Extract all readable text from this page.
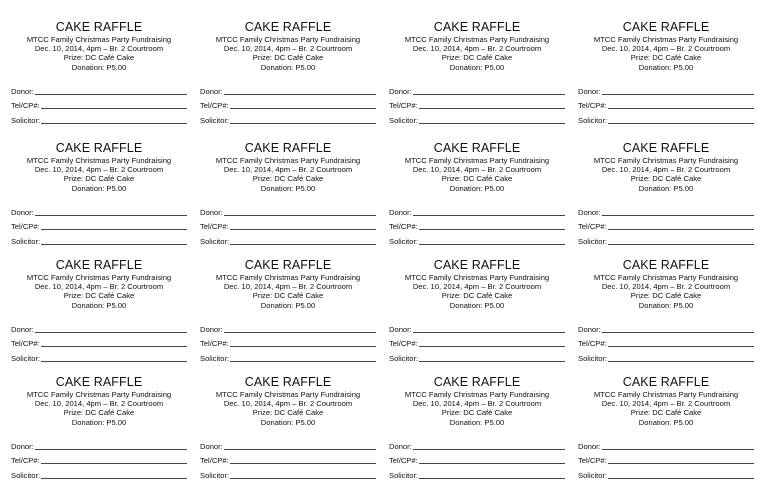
CAKE RAFFLE
MTCC Family Christmas Party Fundraising
Dec. 10, 2014, 4pm – Br. 2 Courtroom
Prize: DC Café Cake
Donation: P5.00
Donor:
Tel/CP#:
Solicitor:
CAKE RAFFLE
MTCC Family Christmas Party Fundraising
Dec. 10, 2014, 4pm – Br. 2 Courtroom
Prize: DC Café Cake
Donation: P5.00
Donor:
Tel/CP#:
Solicitor:
CAKE RAFFLE
MTCC Family Christmas Party Fundraising
Dec. 10, 2014, 4pm – Br. 2 Courtroom
Prize: DC Café Cake
Donation: P5.00
Donor:
Tel/CP#:
Solicitor:
CAKE RAFFLE
MTCC Family Christmas Party Fundraising
Dec. 10, 2014, 4pm – Br. 2 Courtroom
Prize: DC Café Cake
Donation: P5.00
Donor:
Tel/CP#:
Solicitor:
CAKE RAFFLE
MTCC Family Christmas Party Fundraising
Dec. 10, 2014, 4pm – Br. 2 Courtroom
Prize: DC Café Cake
Donation: P5.00
Donor:
Tel/CP#:
Solicitor:
CAKE RAFFLE
MTCC Family Christmas Party Fundraising
Dec. 10, 2014, 4pm – Br. 2 Courtroom
Prize: DC Café Cake
Donation: P5.00
Donor:
Tel/CP#:
Solicitor:
CAKE RAFFLE
MTCC Family Christmas Party Fundraising
Dec. 10, 2014, 4pm – Br. 2 Courtroom
Prize: DC Café Cake
Donation: P5.00
Donor:
Tel/CP#:
Solicitor:
CAKE RAFFLE
MTCC Family Christmas Party Fundraising
Dec. 10, 2014, 4pm – Br. 2 Courtroom
Prize: DC Café Cake
Donation: P5.00
Donor:
Tel/CP#:
Solicitor:
CAKE RAFFLE
MTCC Family Christmas Party Fundraising
Dec. 10, 2014, 4pm – Br. 2 Courtroom
Prize: DC Café Cake
Donation: P5.00
Donor:
Tel/CP#:
Solicitor:
CAKE RAFFLE
MTCC Family Christmas Party Fundraising
Dec. 10, 2014, 4pm – Br. 2 Courtroom
Prize: DC Café Cake
Donation: P5.00
Donor:
Tel/CP#:
Solicitor:
CAKE RAFFLE
MTCC Family Christmas Party Fundraising
Dec. 10, 2014, 4pm – Br. 2 Courtroom
Prize: DC Café Cake
Donation: P5.00
Donor:
Tel/CP#:
Solicitor:
CAKE RAFFLE
MTCC Family Christmas Party Fundraising
Dec. 10, 2014, 4pm – Br. 2 Courtroom
Prize: DC Café Cake
Donation: P5.00
Donor:
Tel/CP#:
Solicitor:
CAKE RAFFLE
MTCC Family Christmas Party Fundraising
Dec. 10, 2014, 4pm – Br. 2 Courtroom
Prize: DC Café Cake
Donation: P5.00
Donor:
Tel/CP#:
Solicitor:
CAKE RAFFLE
MTCC Family Christmas Party Fundraising
Dec. 10, 2014, 4pm – Br. 2 Courtroom
Prize: DC Café Cake
Donation: P5.00
Donor:
Tel/CP#:
Solicitor:
CAKE RAFFLE
MTCC Family Christmas Party Fundraising
Dec. 10, 2014, 4pm – Br. 2 Courtroom
Prize: DC Café Cake
Donation: P5.00
Donor:
Tel/CP#:
Solicitor:
CAKE RAFFLE
MTCC Family Christmas Party Fundraising
Dec. 10, 2014, 4pm – Br. 2 Courtroom
Prize: DC Café Cake
Donation: P5.00
Donor:
Tel/CP#:
Solicitor:
